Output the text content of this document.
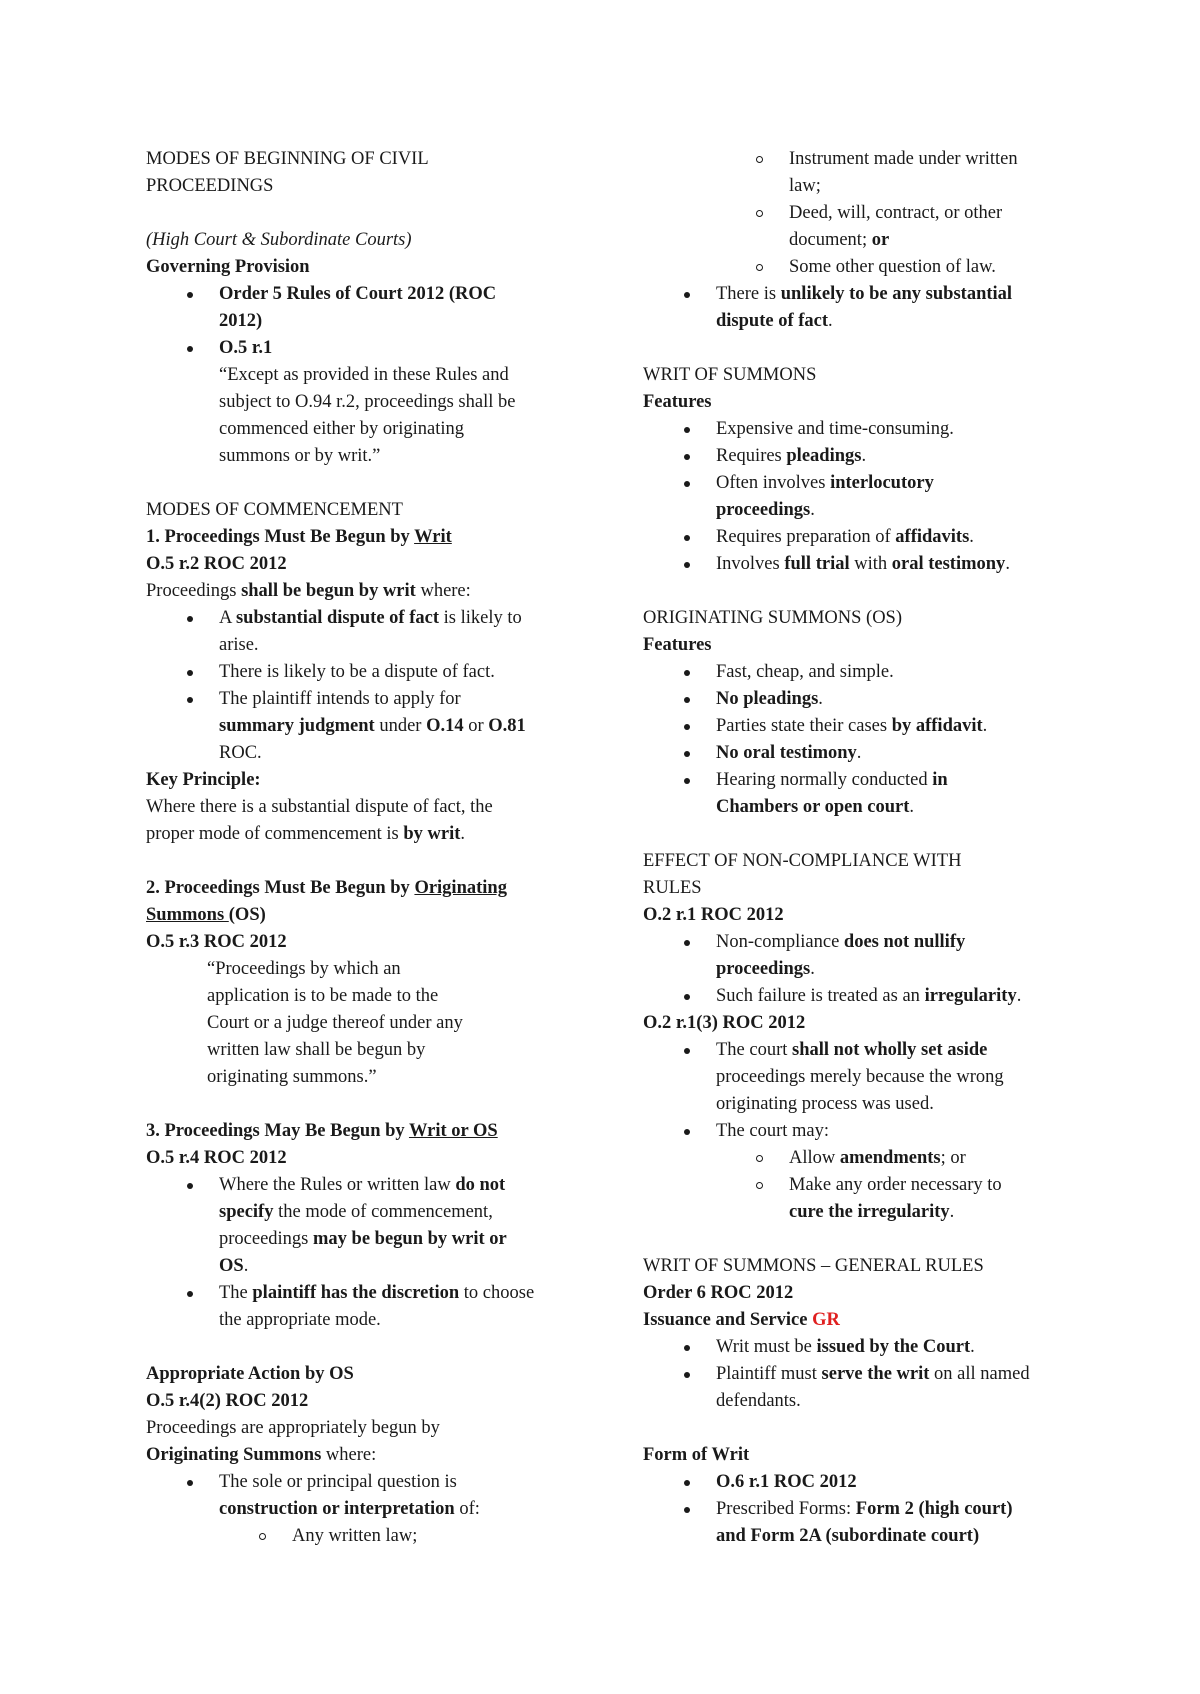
MODES OF BEGINNING OF CIVIL
PROCEEDINGS

(High Court & Subordinate Courts)

Governing Provision

Order 5 Rules of Court 2012 (ROC
2012)
O.5 r.1
“Except as provided in these Rules and
subject to O.94 r.2, proceedings shall be
commenced either by originating
summons or by writ.”

MODES OF COMMENCEMENT

1. Proceedings Must Be Begun by Writ

O.5 r.2 ROC 2012

Proceedings shall be begun by writ where:

A substantial dispute of fact is likely to
arise.
There is likely to be a dispute of fact.
The plaintiff intends to apply for
summary judgment under O.14 or O.81
ROC.

Key Principle:

Where there is a substantial dispute of fact, the
proper mode of commencement is by writ.

2. Proceedings Must Be Begun by Originating
Summons (OS)

O.5 r.3 ROC 2012

“Proceedings by which an
application is to be made to the
Court or a judge thereof under any
written law shall be begun by
originating summons.”

3. Proceedings May Be Begun by Writ or OS

O.5 r.4 ROC 2012

Where the Rules or written law do not
specify the mode of commencement,
proceedings may be begun by writ or
OS.
The plaintiff has the discretion to choose
the appropriate mode.

Appropriate Action by OS

O.5 r.4(2) ROC 2012

Proceedings are appropriately begun by
Originating Summons where:

The sole or principal question is
construction or interpretation of:
Any written law;
Instrument made under written
law;
Deed, will, contract, or other
document; or
Some other question of law.
There is unlikely to be any substantial
dispute of fact.

WRIT OF SUMMONS

Features

Expensive and time-consuming.
Requires pleadings.
Often involves interlocutory
proceedings.
Requires preparation of affidavits.
Involves full trial with oral testimony.

ORIGINATING SUMMONS (OS)

Features

Fast, cheap, and simple.
No pleadings.
Parties state their cases by affidavit.
No oral testimony.
Hearing normally conducted in
Chambers or open court.

EFFECT OF NON-COMPLIANCE WITH
RULES

O.2 r.1 ROC 2012

Non-compliance does not nullify
proceedings.
Such failure is treated as an irregularity.

O.2 r.1(3) ROC 2012

The court shall not wholly set aside
proceedings merely because the wrong
originating process was used.
The court may:
Allow amendments; or
Make any order necessary to
cure the irregularity.

WRIT OF SUMMONS – GENERAL RULES

Order 6 ROC 2012

Issuance and Service GR

Writ must be issued by the Court.
Plaintiff must serve the writ on all named
defendants.

Form of Writ

O.6 r.1 ROC 2012
Prescribed Forms: Form 2 (high court)
and Form 2A (subordinate court)
